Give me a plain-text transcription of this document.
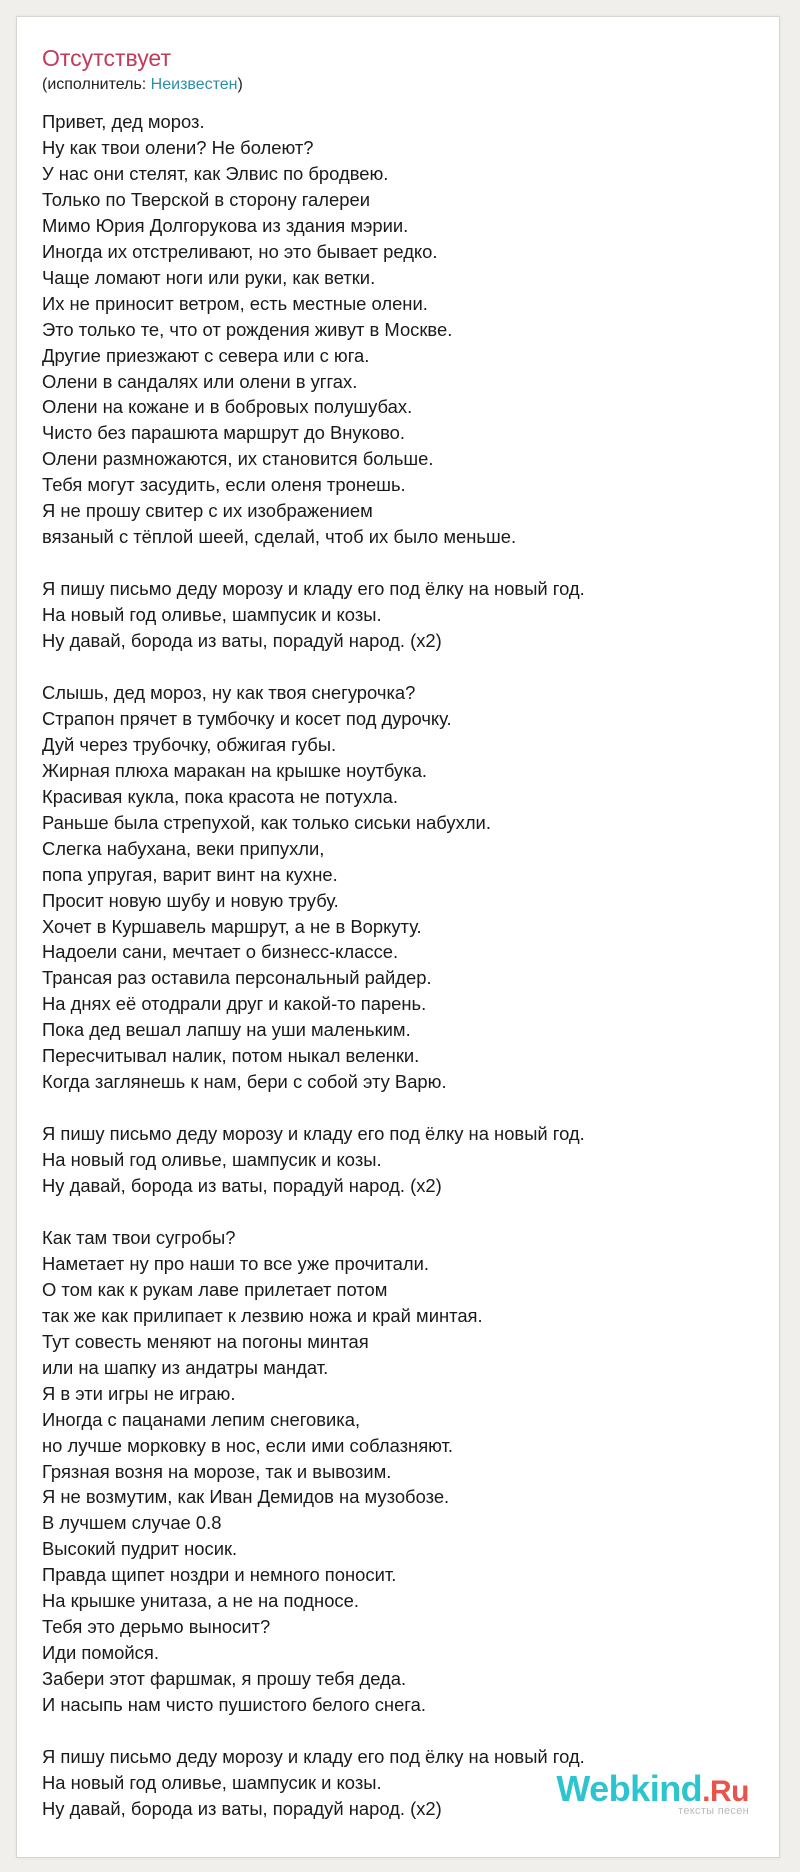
Отсутствует
(исполнитель: Неизвестен)
Привет, дед мороз.
Ну как твои олени? Не болеют?
У нас они стелят, как Элвис по бродвею.
Только по Тверской в сторону галереи
Мимо Юрия Долгорукова из здания мэрии.
Иногда их отстреливают, но это бывает редко.
Чаще ломают ноги или руки, как ветки.
Их не приносит ветром, есть местные олени.
Это только те, что от рождения живут в Москве.
Другие приезжают с севера или с юга.
Олени в сандалях или олени в уггах.
Олени на кожане и в бобровых полушубах.
Чисто без парашюта маршрут до Внуково.
Олени размножаются, их становится больше.
Тебя могут засудить, если оленя тронешь.
Я не прошу свитер с их изображением
вязаный с тёплой шеей, сделай, чтоб их было меньше.
Я пишу письмо деду морозу и кладу его под ёлку на новый год.
На новый год оливье, шампусик и козы.
Ну давай, борода из ваты, порадуй народ. (x2)
Слышь, дед мороз, ну как твоя снегурочка?
Страпон прячет в тумбочку и косет под дурочку.
Дуй через трубочку, обжигая губы.
Жирная плюха маракан на крышке ноутбука.
Красивая кукла, пока красота не потухла.
Раньше была стрепухой, как только сиськи набухли.
Слегка набухана, веки припухли,
попа упругая, варит винт на кухне.
Просит новую шубу и новую трубу.
Хочет в Куршавель маршрут, а не в Воркуту.
Надоели сани, мечтает о бизнесс-классе.
Трансая раз оставила персональный райдер.
На днях её отодрали друг и какой-то парень.
Пока дед вешал лапшу на уши маленьким.
Пересчитывал налик, потом ныкал веленки.
Когда заглянешь к нам, бери с собой эту Варю.
Я пишу письмо деду морозу и кладу его под ёлку на новый год.
На новый год оливье, шампусик и козы.
Ну давай, борода из ваты, порадуй народ. (x2)
Как там твои сугробы?
Наметает ну про наши то все уже прочитали.
О том как к рукам лаве прилетает потом
так же как прилипает к лезвию ножа и край минтая.
Тут совесть меняют на погоны минтая
или на шапку из андатры мандат.
Я в эти игры не играю.
Иногда с пацанами лепим снеговика,
но лучше морковку в нос, если ими соблазняют.
Грязная возня на морозе, так и вывозим.
Я не возмутим, как Иван Демидов на музобозе.
В лучшем случае 0.8
Высокий пудрит носик.
Правда щипет ноздри и немного поносит.
На крышке унитаза, а не на подносе.
Тебя это дерьмо выносит?
Иди помойся.
Забери этот фаршмак, я прошу тебя деда.
И насыпь нам чисто пушистого белого снега.
Я пишу письмо деду морозу и кладу его под ёлку на новый год.
На новый год оливье, шампусик и козы.
Ну давай, борода из ваты, порадуй народ. (x2)	Webkind.Ru
тексты песен
